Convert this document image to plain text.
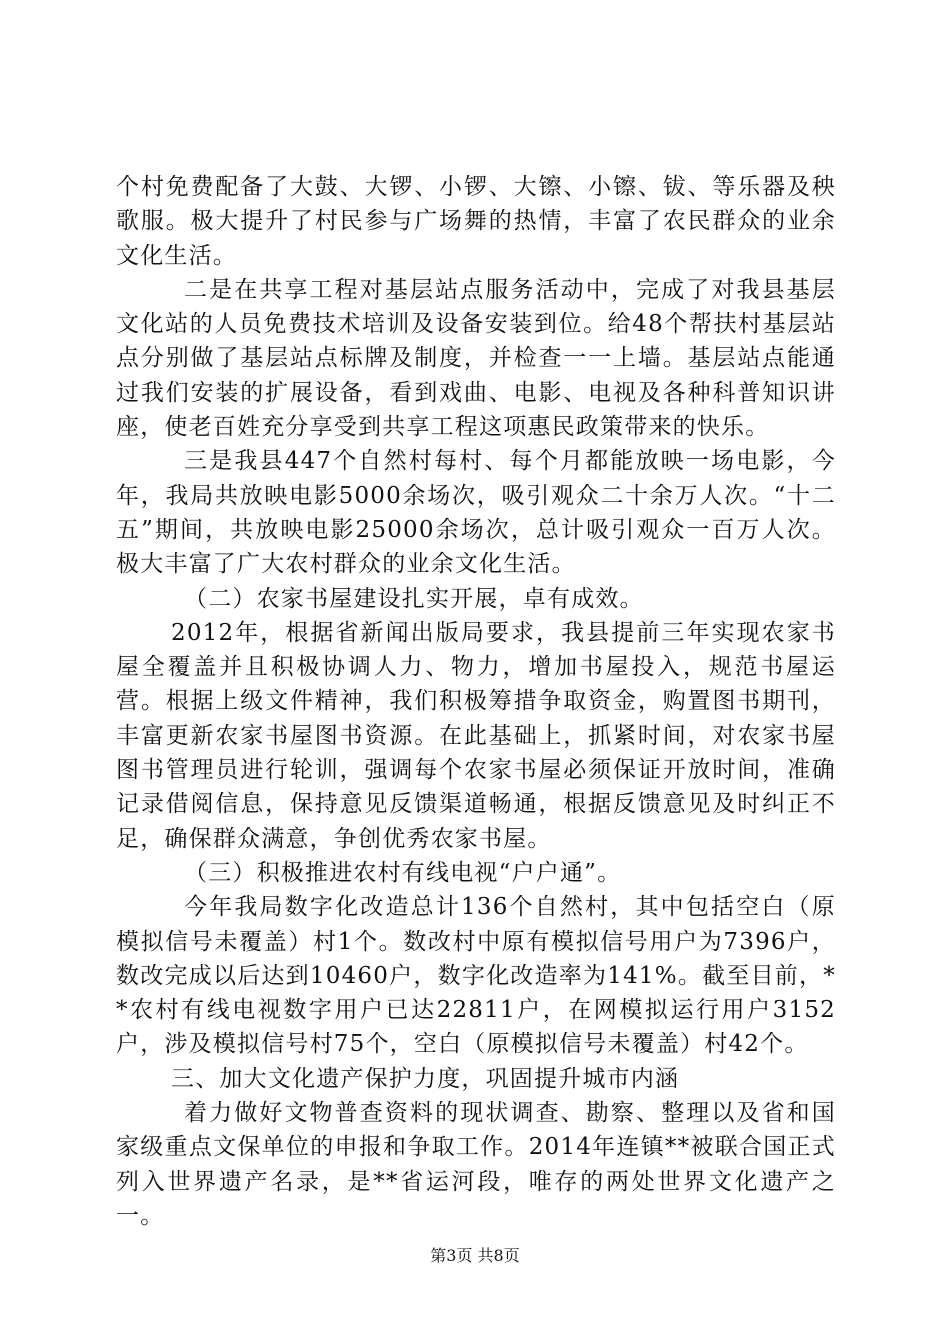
个村免费配备了大鼓、大锣、小锣、大镲、小镲、钹、等乐器及秧歌服。极大提升了村民参与广场舞的热情，丰富了农民群众的业余文化生活。

二是在共享工程对基层站点服务活动中，完成了对我县基层文化站的人员免费技术培训及设备安装到位。给48个帮扶村基层站点分别做了基层站点标牌及制度，并检查一一上墙。基层站点能通过我们安装的扩展设备，看到戏曲、电影、电视及各种科普知识讲座，使老百姓充分享受到共享工程这项惠民政策带来的快乐。

三是我县447个自然村每村、每个月都能放映一场电影，今年，我局共放映电影5000余场次，吸引观众二十余万人次。“十二五”期间，共放映电影25000余场次，总计吸引观众一百万人次。极大丰富了广大农村群众的业余文化生活。

（二）农家书屋建设扎实开展，卓有成效。

2012年，根据省新闻出版局要求，我县提前三年实现农家书屋全覆盖并且积极协调人力、物力，增加书屋投入，规范书屋运营。根据上级文件精神，我们积极筹措争取资金，购置图书期刊，丰富更新农家书屋图书资源。在此基础上，抓紧时间，对农家书屋图书管理员进行轮训，强调每个农家书屋必须保证开放时间，准确记录借阅信息，保持意见反馈渠道畅通，根据反馈意见及时纠正不足，确保群众满意，争创优秀农家书屋。

（三）积极推进农村有线电视“户户通”。

今年我局数字化改造总计136个自然村，其中包括空白（原模拟信号未覆盖）村1个。数改村中原有模拟信号用户为7396户，数改完成以后达到10460户，数字化改造率为141%。截至目前，**农村有线电视数字用户已达22811户，在网模拟运行用户3152户，涉及模拟信号村75个，空白（原模拟信号未覆盖）村42个。

三、加大文化遗产保护力度，巩固提升城市内涵

着力做好文物普查资料的现状调查、勘察、整理以及省和国家级重点文保单位的申报和争取工作。2014年连镇**被联合国正式列入世界遗产名录，是**省运河段，唯存的两处世界文化遗产之一。

第3页 共8页
